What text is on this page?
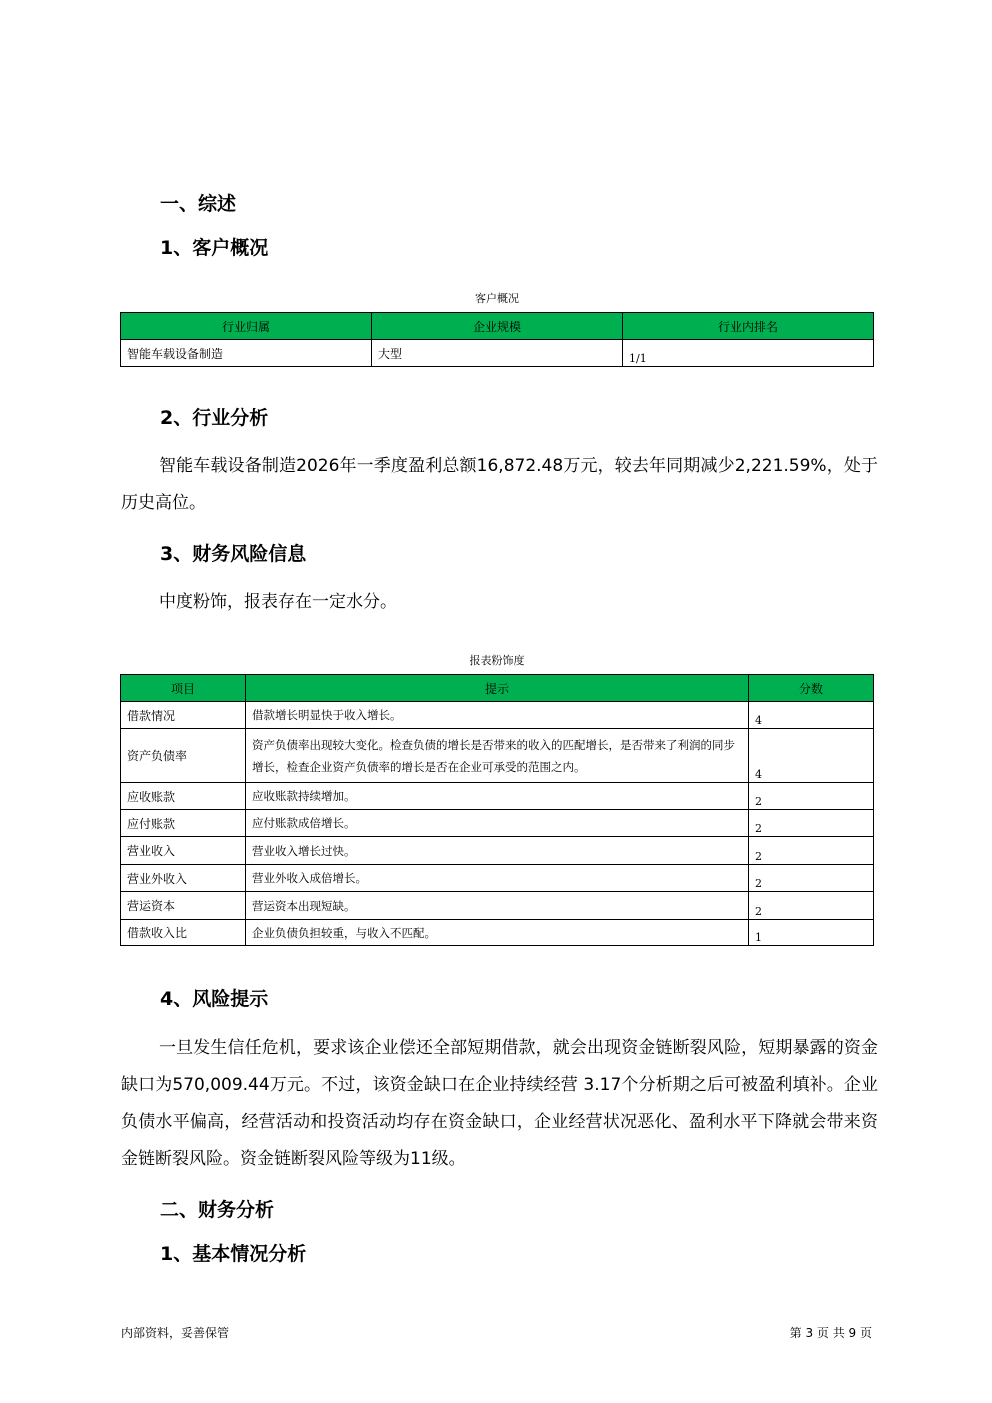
一、综述
1、客户概况
客户概况
行业归属	企业规模	行业内排名
智能车载设备制造	大型	1/1
2、行业分析

智能车载设备制造2026年一季度盈利总额16,872.48万元，较去年同期减少2,221.59%，处于历史高位。

3、财务风险信息

中度粉饰，报表存在一定水分。

报表粉饰度
项目	提示	分数
借款情况	借款增长明显快于收入增长。	4
资产负债率	资产负债率出现较大变化。检查负债的增长是否带来的收入的匹配增长，是否带来了利润的同步增长，检查企业资产负债率的增长是否在企业可承受的范围之内。	4
应收账款	应收账款持续增加。	2
应付账款	应付账款成倍增长。	2
营业收入	营业收入增长过快。	2
营业外收入	营业外收入成倍增长。	2
营运资本	营运资本出现短缺。	2
借款收入比	企业负债负担较重，与收入不匹配。	1
4、风险提示

一旦发生信任危机，要求该企业偿还全部短期借款，就会出现资金链断裂风险，短期暴露的资金缺口为570,009.44万元。不过，该资金缺口在企业持续经营 3.17个分析期之后可被盈利填补。企业负债水平偏高，经营活动和投资活动均存在资金缺口，企业经营状况恶化、盈利水平下降就会带来资金链断裂风险。资金链断裂风险等级为11级。

二、财务分析
1、基本情况分析
内部资料，妥善保管	第 3 页 共 9 页
